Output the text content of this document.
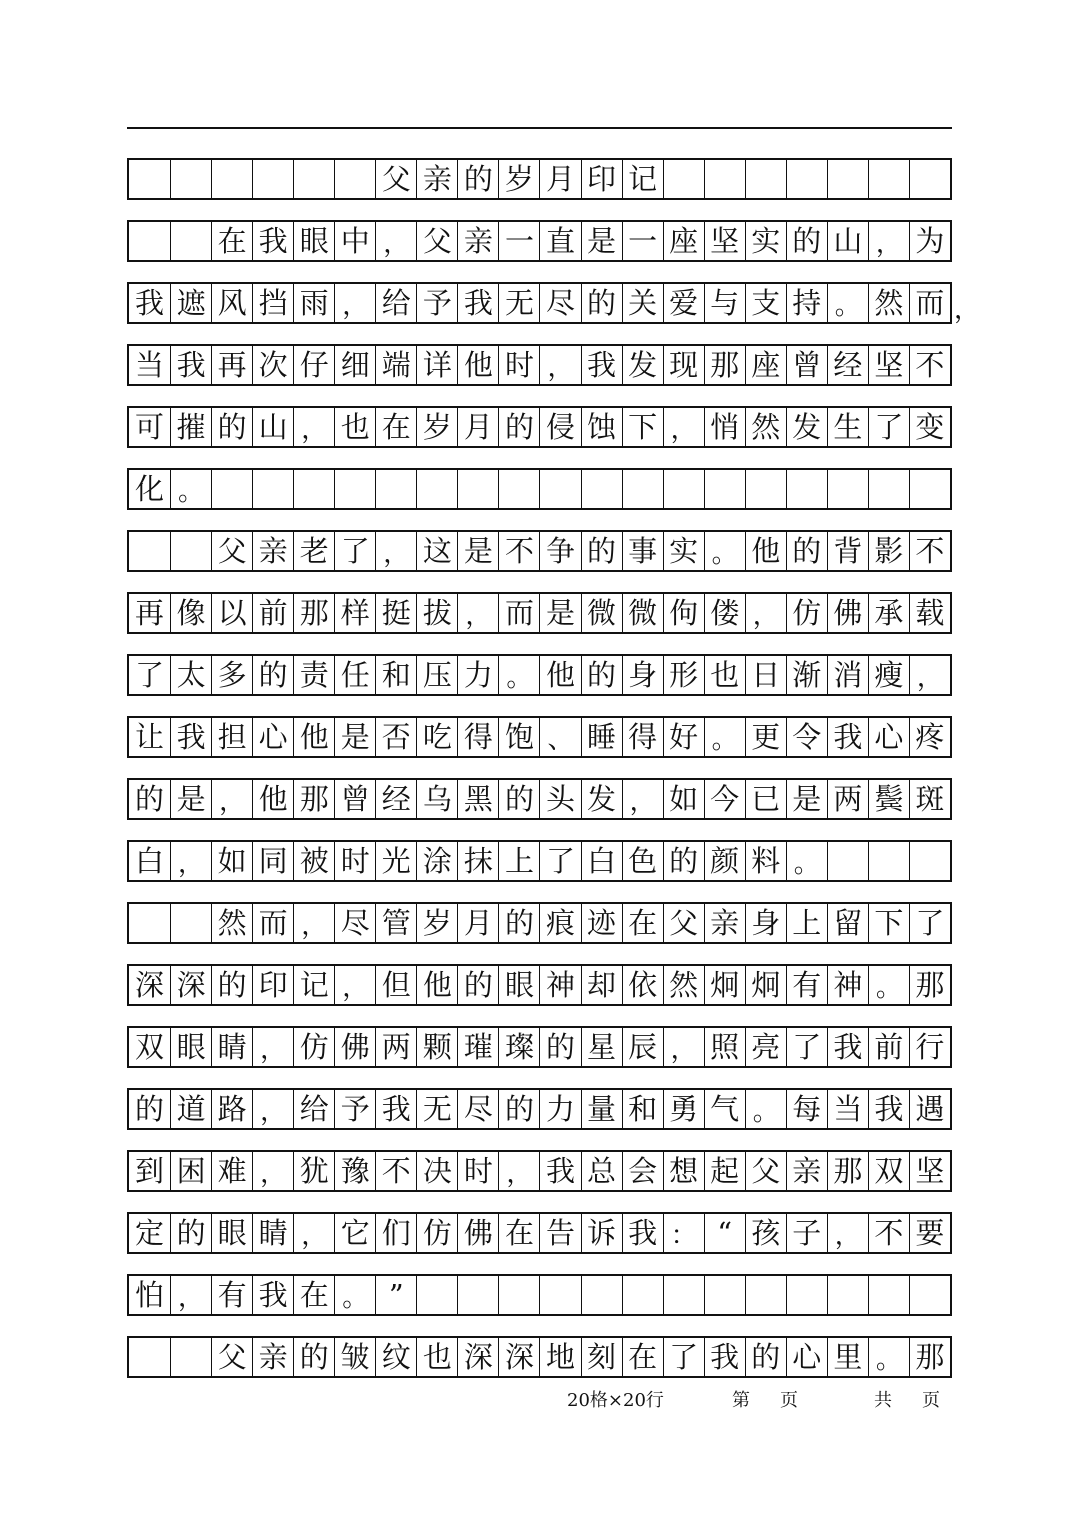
父 亲 的 岁 月 印 记
在 我 眼 中 ， 父 亲 一 直 是 一 座 坚 实 的 山 ， 为
我 遮 风 挡 雨 ， 给 予 我 无 尽 的 关 爱 与 支 持 。 然 而 ，
当 我 再 次 仔 细 端 详 他 时 ， 我 发 现 那 座 曾 经 坚 不
可 摧 的 山 ， 也 在 岁 月 的 侵 蚀 下 ， 悄 然 发 生 了 变
化 。
父 亲 老 了 ， 这 是 不 争 的 事 实 。 他 的 背 影 不
再 像 以 前 那 样 挺 拔 ， 而 是 微 微 佝 偻 ， 仿 佛 承 载
了 太 多 的 责 任 和 压 力 。 他 的 身 形 也 日 渐 消 瘦 ，
让 我 担 心 他 是 否 吃 得 饱 、 睡 得 好 。 更 令 我 心 疼
的 是 ， 他 那 曾 经 乌 黑 的 头 发 ， 如 今 已 是 两 鬓 斑
白 ， 如 同 被 时 光 涂 抹 上 了 白 色 的 颜 料 。
然 而 ， 尽 管 岁 月 的 痕 迹 在 父 亲 身 上 留 下 了
深 深 的 印 记 ， 但 他 的 眼 神 却 依 然 炯 炯 有 神 。 那
双 眼 睛 ， 仿 佛 两 颗 璀 璨 的 星 辰 ， 照 亮 了 我 前 行
的 道 路 ， 给 予 我 无 尽 的 力 量 和 勇 气 。 每 当 我 遇
到 困 难 ， 犹 豫 不 决 时 ， 我 总 会 想 起 父 亲 那 双 坚
定 的 眼 睛 ， 它 们 仿 佛 在 告 诉 我 ： “ 孩 子 ， 不 要
怕 ， 有 我 在 。 ”
父 亲 的 皱 纹 也 深 深 地 刻 在 了 我 的 心 里 。 那
20格×20行	第 页	共 页
